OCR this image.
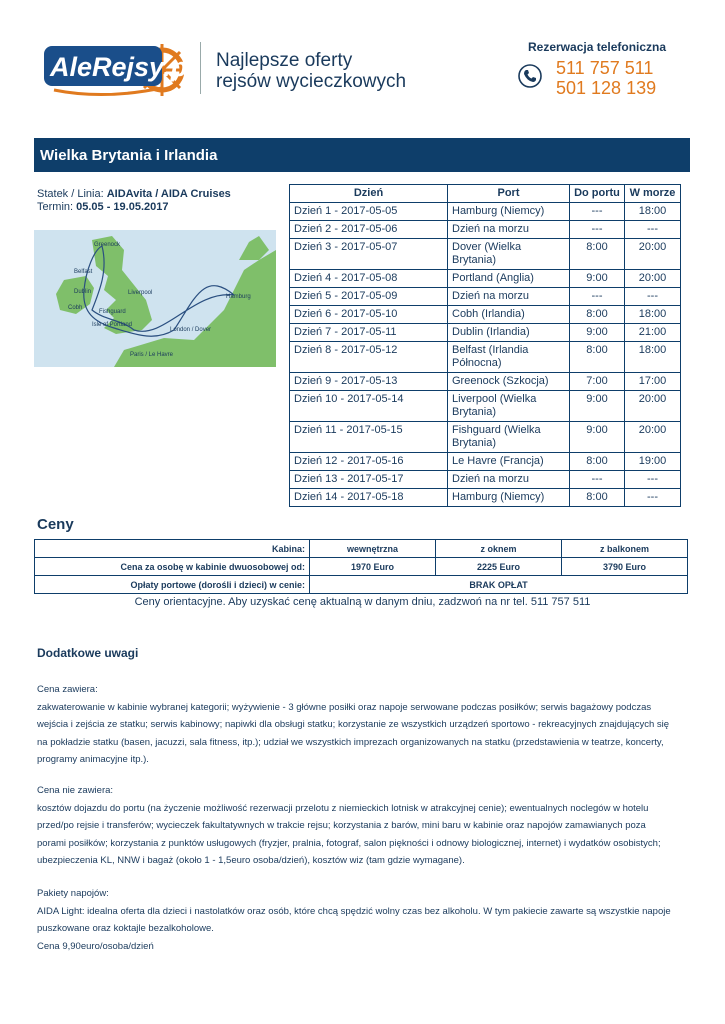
AleRejsy.pl Najlepsze oferty
rejsów wycieczkowych
Rezerwacja telefoniczna
511 757 511
501 128 139
Wielka Brytania i Irlandia
Statek / Linia: AIDAvita / AIDA Cruises
Termin: 05.05 - 19.05.2017
Greenock
Belfast
Dublin
Cobh
Liverpool
Fishguard
Isle of Portland
London / Dover
Paris / Le Havre
Hamburg
Dzień	Port	Do portu	W morze
Dzień 1 - 2017-05-05	Hamburg (Niemcy)	---	18:00
Dzień 2 - 2017-05-06	Dzień na morzu	---	---
Dzień 3 - 2017-05-07	Dover (Wielka Brytania)	8:00	20:00
Dzień 4 - 2017-05-08	Portland (Anglia)	9:00	20:00
Dzień 5 - 2017-05-09	Dzień na morzu	---	---
Dzień 6 - 2017-05-10	Cobh (Irlandia)	8:00	18:00
Dzień 7 - 2017-05-11	Dublin (Irlandia)	9:00	21:00
Dzień 8 - 2017-05-12	Belfast (Irlandia Północna)	8:00	18:00
Dzień 9 - 2017-05-13	Greenock (Szkocja)	7:00	17:00
Dzień 10 - 2017-05-14	Liverpool (Wielka Brytania)	9:00	20:00
Dzień 11 - 2017-05-15	Fishguard (Wielka Brytania)	9:00	20:00
Dzień 12 - 2017-05-16	Le Havre (Francja)	8:00	19:00
Dzień 13 - 2017-05-17	Dzień na morzu	---	---
Dzień 14 - 2017-05-18	Hamburg (Niemcy)	8:00	---
Ceny
Kabina:	wewnętrzna	z oknem	z balkonem
Cena za osobę w kabinie dwuosobowej od:	1970 Euro	2225 Euro	3790 Euro
Opłaty portowe (dorośli i dzieci) w cenie:	BRAK OPŁAT		
Ceny orientacyjne. Aby uzyskać cenę aktualną w danym dniu, zadzwoń na nr tel. 511 757 511
Dodatkowe uwagi

Cena zawiera:

zakwaterowanie w kabinie wybranej kategorii; wyżywienie - 3 główne posiłki oraz napoje serwowane podczas posiłków; serwis bagażowy podczas wejścia i zejścia ze statku; serwis kabinowy; napiwki dla obsługi statku; korzystanie ze wszystkich urządzeń sportowo - rekreacyjnych znajdujących się na pokładzie statku (basen, jacuzzi, sala fitness, itp.); udział we wszystkich imprezach organizowanych na statku (przedstawienia w teatrze, koncerty, programy animacyjne itp.).

Cena nie zawiera:

kosztów dojazdu do portu (na życzenie możliwość rezerwacji przelotu z niemieckich lotnisk w atrakcyjnej cenie); ewentualnych noclegów w hotelu przed/po rejsie i transferów; wycieczek fakultatywnych w trakcie rejsu; korzystania z barów, mini baru w kabinie oraz napojów zamawianych poza porami posiłków; korzystania z punktów usługowych (fryzjer, pralnia, fotograf, salon piękności i odnowy biologicznej, internet) i wydatków osobistych; ubezpieczenia KL, NNW i bagaż (około 1 - 1,5euro osoba/dzień), kosztów wiz (tam gdzie wymagane).

Pakiety napojów:

AIDA Light: idealna oferta dla dzieci i nastolatków oraz osób, które chcą spędzić wolny czas bez alkoholu. W tym pakiecie zawarte są wszystkie napoje puszkowane oraz koktajle bezalkoholowe.

Cena 9,90euro/osoba/dzień
